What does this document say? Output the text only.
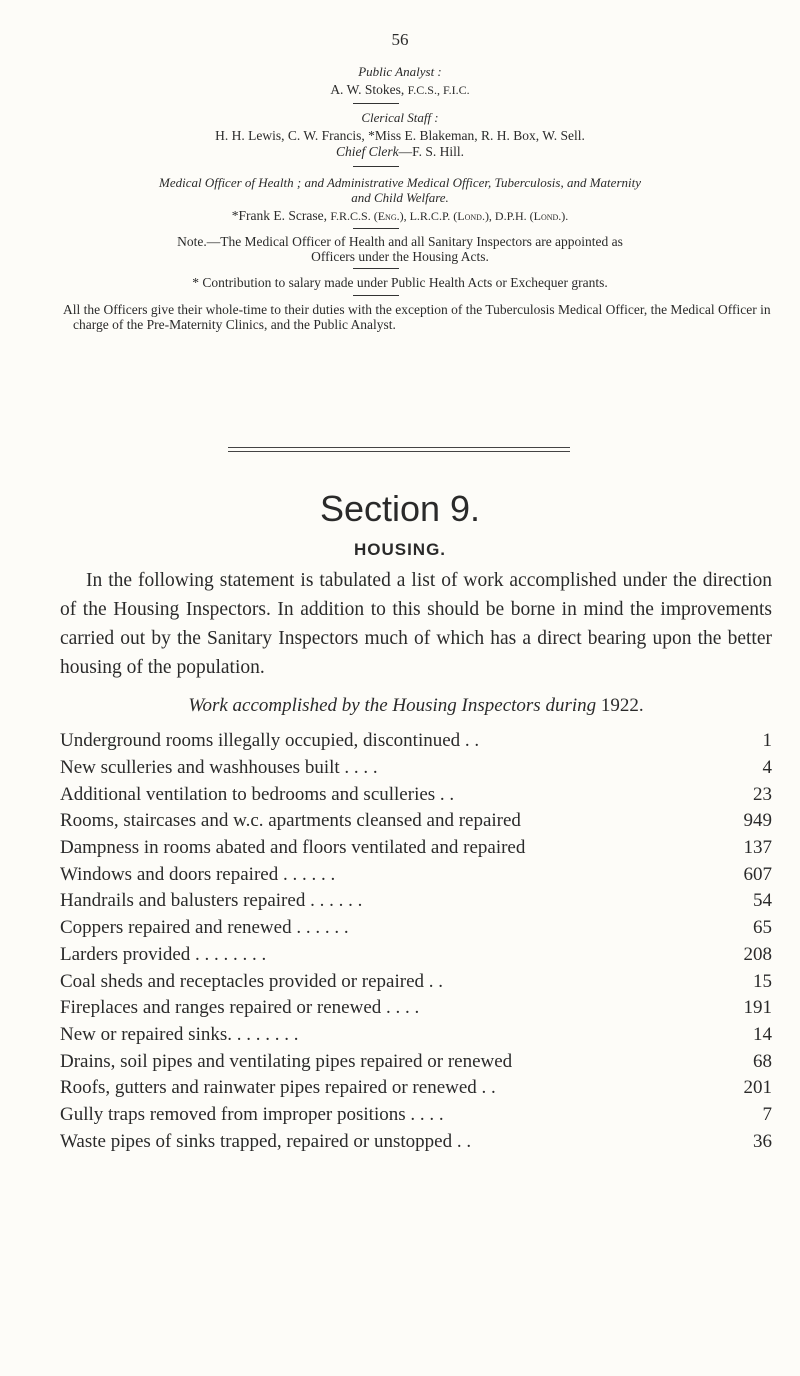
56
Public Analyst :
A. W. Stokes, F.C.S., F.I.C.
Clerical Staff :
H. H. Lewis, C. W. Francis, *Miss E. Blakeman, R. H. Box, W. Sell.
Chief Clerk—F. S. Hill.
Medical Officer of Health ; and Administrative Medical Officer, Tuberculosis, and Maternity
and Child Welfare.
*Frank E. Scrase, F.R.C.S. (Eng.), L.R.C.P. (Lond.), D.P.H. (Lond.).
Note.—The Medical Officer of Health and all Sanitary Inspectors are appointed as
Officers under the Housing Acts.
* Contribution to salary made under Public Health Acts or Exchequer grants.
All the Officers give their whole-time to their duties with the exception of the Tuberculosis Medical Officer, the Medical Officer in charge of the Pre-Maternity Clinics, and the Public Analyst.
Section 9.
HOUSING.
In the following statement is tabulated a list of work accomplished under the direction of the Housing Inspectors. In addition to this should be borne in mind the improvements carried out by the Sanitary Inspectors much of which has a direct bearing upon the better housing of the population.
Work accomplished by the Housing Inspectors during 1922.
Underground rooms illegally occupied, discontinued . .	1
New sculleries and washhouses built . . . .	4
Additional ventilation to bedrooms and sculleries . .	23
Rooms, staircases and w.c. apartments cleansed and repaired	949
Dampness in rooms abated and floors ventilated and repaired	137
Windows and doors repaired . . . . . .	607
Handrails and balusters repaired . . . . . .	54
Coppers repaired and renewed . . . . . .	65
Larders provided . . . . . . . .	208
Coal sheds and receptacles provided or repaired . .	15
Fireplaces and ranges repaired or renewed . . . .	191
New or repaired sinks. . . . . . . .	14
Drains, soil pipes and ventilating pipes repaired or renewed	68
Roofs, gutters and rainwater pipes repaired or renewed . .	201
Gully traps removed from improper positions . . . .	7
Waste pipes of sinks trapped, repaired or unstopped . .	36
